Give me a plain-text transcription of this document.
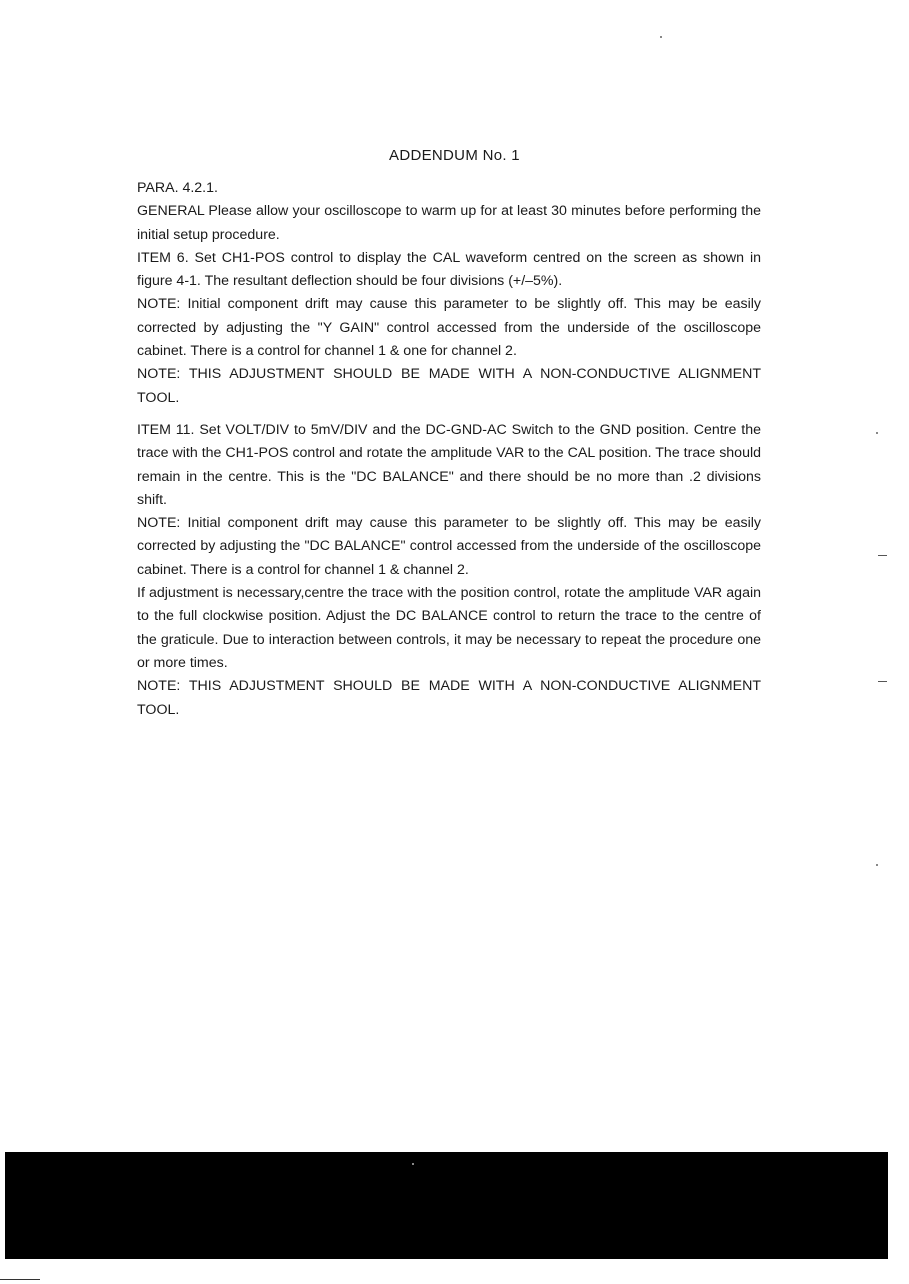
ADDENDUM No. 1

PARA. 4.2.1.

GENERAL Please allow your oscilloscope to warm up for at least 30 minutes before performing the initial setup procedure.

ITEM 6. Set CH1-POS control to display the CAL waveform centred on the screen as shown in figure 4-1. The resultant deflection should be four divisions (+/–5%).

NOTE: Initial component drift may cause this parameter to be slightly off. This may be easily corrected by adjusting the "Y GAIN" control accessed from the underside of the oscilloscope cabinet. There is a control for channel 1 & one for channel 2.

NOTE: THIS ADJUSTMENT SHOULD BE MADE WITH A NON-CONDUCTIVE ALIGNMENT TOOL.

ITEM 11. Set VOLT/DIV to 5mV/DIV and the DC-GND-AC Switch to the GND position. Centre the trace with the CH1-POS control and rotate the amplitude VAR to the CAL position. The trace should remain in the centre. This is the "DC BALANCE" and there should be no more than .2 divisions shift.

NOTE: Initial component drift may cause this parameter to be slightly off. This may be easily corrected by adjusting the "DC BALANCE" control accessed from the underside of the oscilloscope cabinet. There is a control for channel 1 & channel 2.

If adjustment is necessary,centre the trace with the position control, rotate the amplitude VAR again to the full clockwise position. Adjust the DC BALANCE control to return the trace to the centre of the graticule. Due to interaction between controls, it may be necessary to repeat the procedure one or more times.

NOTE: THIS ADJUSTMENT SHOULD BE MADE WITH A NON-CONDUCTIVE ALIGNMENT TOOL.
